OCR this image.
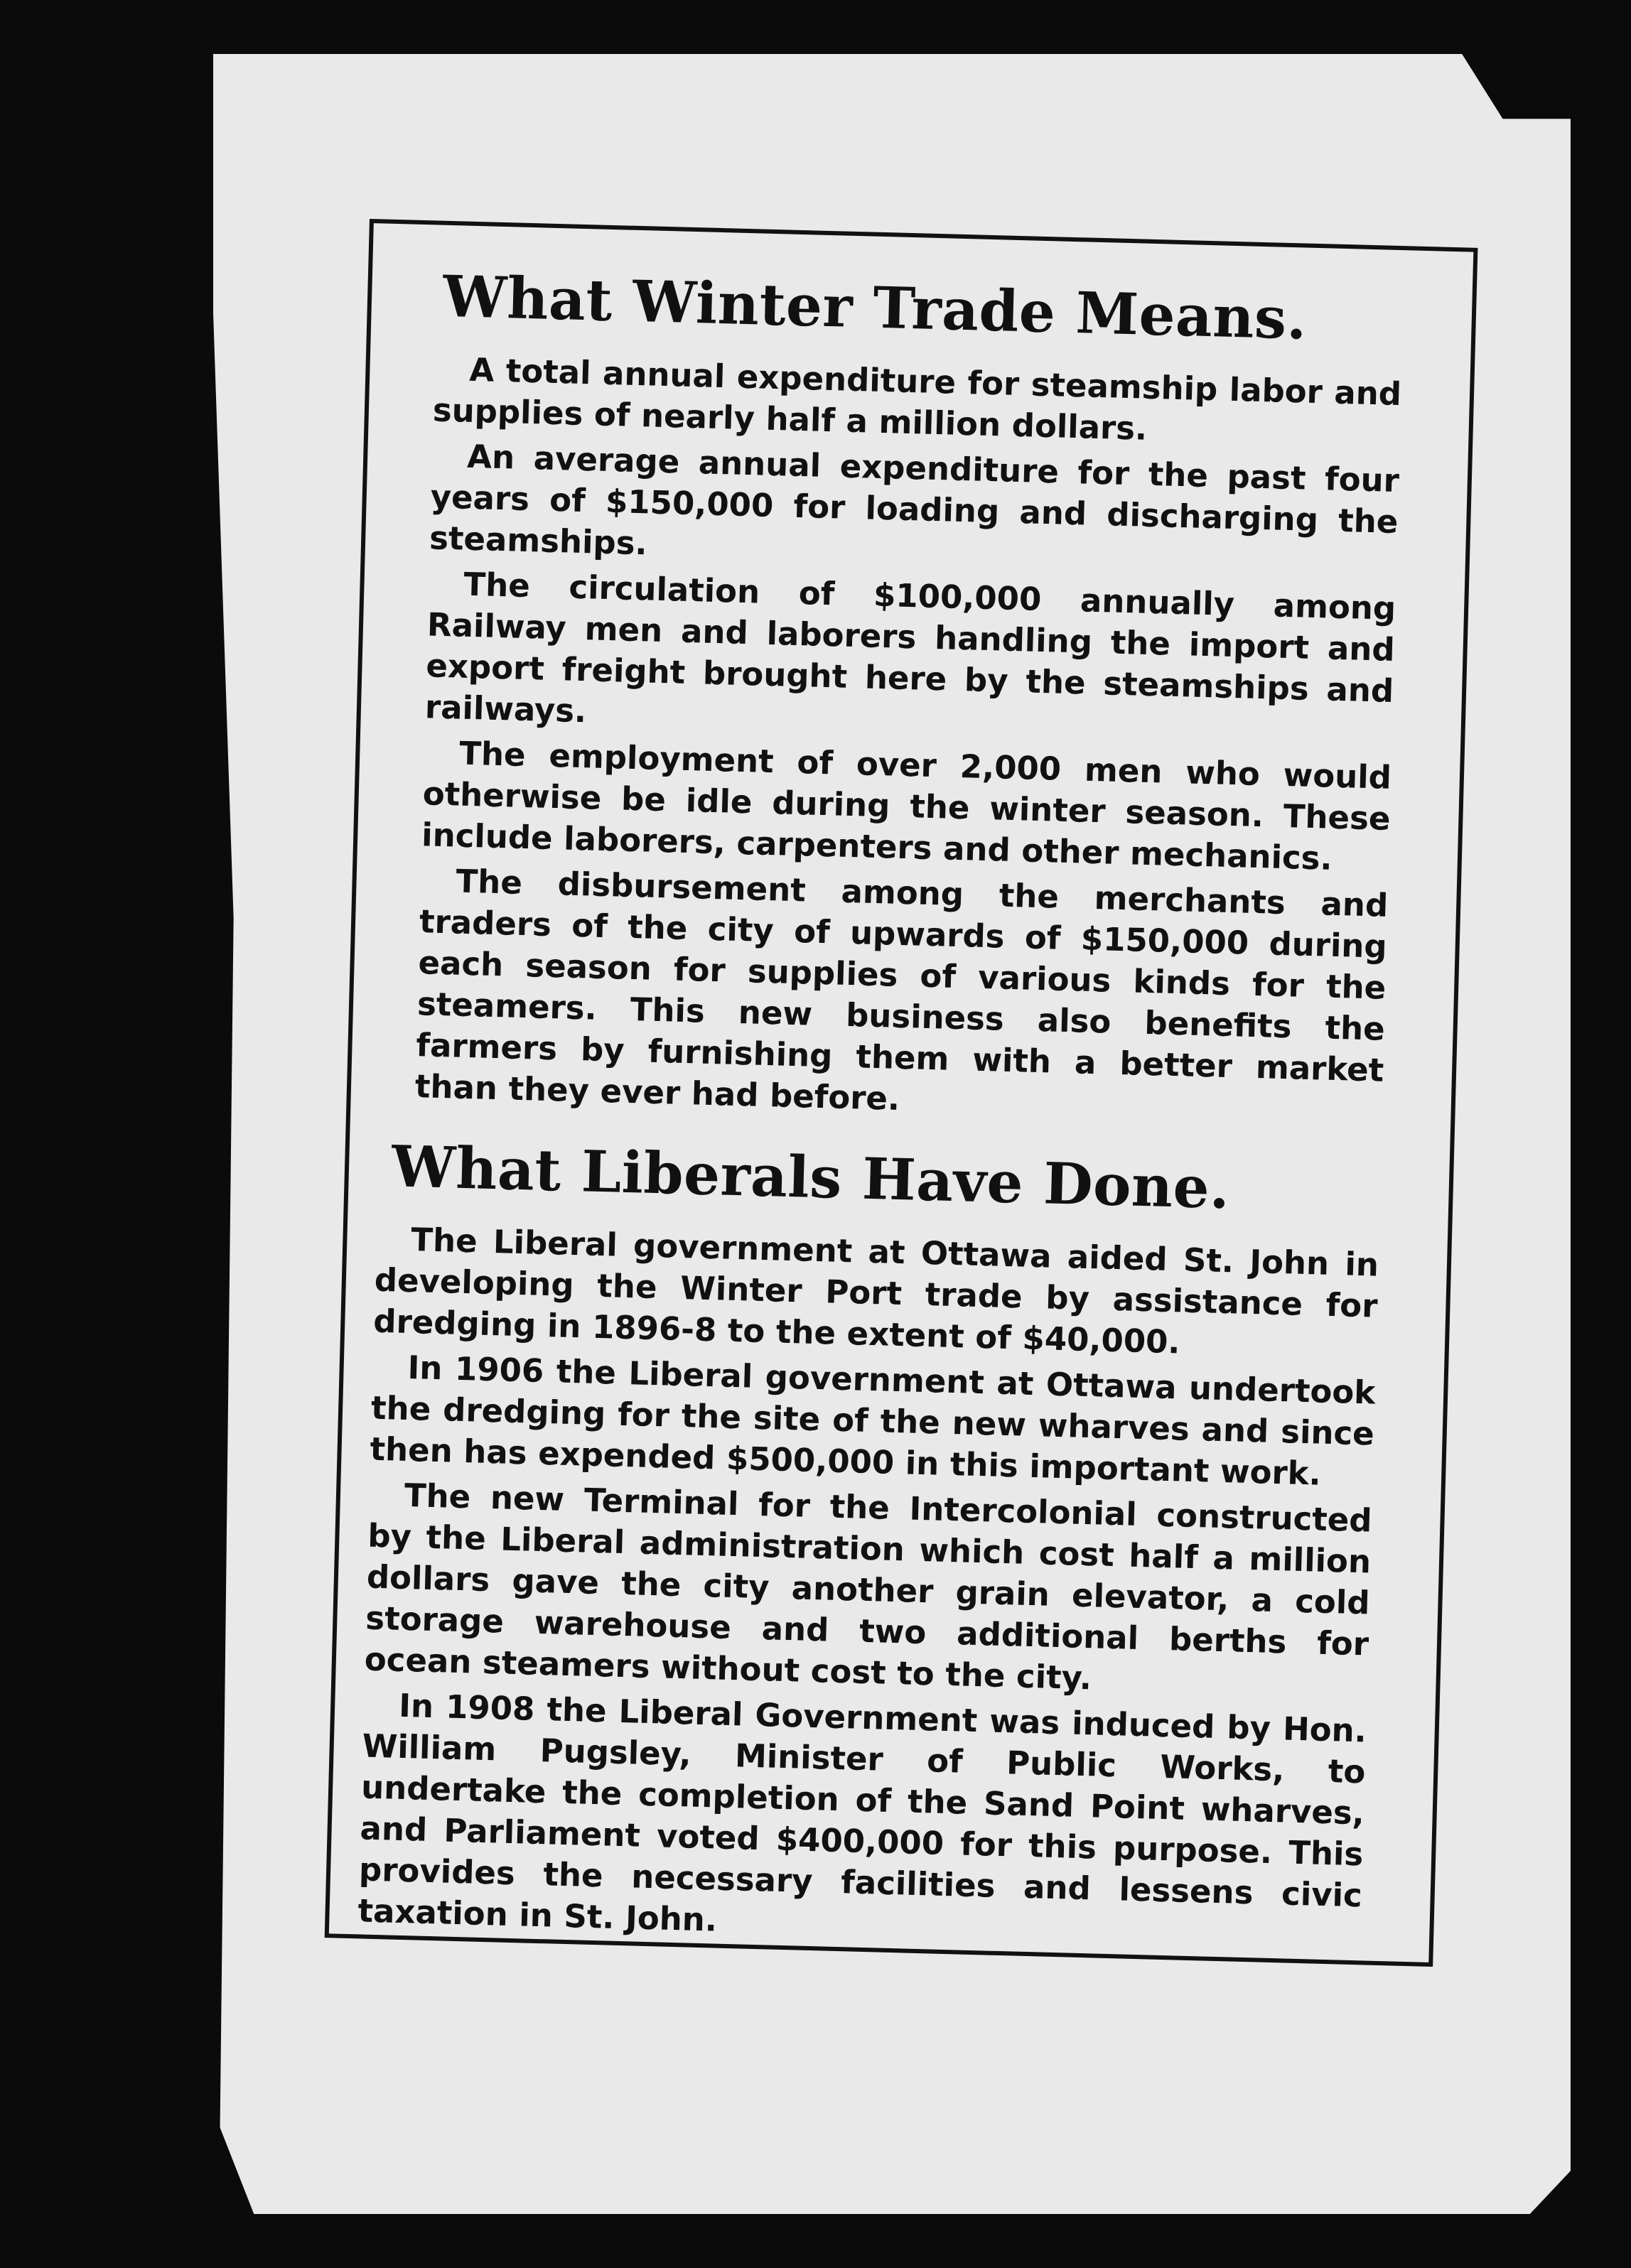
What Winter Trade Means.

A total annual expenditure for steamship labor and supplies of nearly half a million dollars.

An average annual expenditure for the past four years of $150,000 for loading and discharging the steamships.

The circulation of $100,000 annually among Railway men and laborers handling the import and export freight brought here by the steamships and railways.

The employment of over 2,000 men who would otherwise be idle during the winter season. These include laborers, carpenters and other mechanics.

The disbursement among the merchants and traders of the city of upwards of $150,000 during each season for supplies of various kinds for the steamers. This new business also benefits the farmers by furnishing them with a better market than they ever had before.

What Liberals Have Done.

The Liberal government at Ottawa aided St. John in developing the Winter Port trade by assistance for dredging in 1896-8 to the extent of $40,000.

In 1906 the Liberal government at Ottawa undertook the dredging for the site of the new wharves and since then has expended $500,000 in this important work.

The new Terminal for the Intercolonial constructed by the Liberal administration which cost half a million dollars gave the city another grain elevator, a cold storage warehouse and two additional berths for ocean steamers without cost to the city.

In 1908 the Liberal Government was induced by Hon. William Pugsley, Minister of Public Works, to undertake the completion of the Sand Point wharves, and Parliament voted $400,000 for this purpose. This provides the necessary facilities and lessens civic taxation in St. John.
